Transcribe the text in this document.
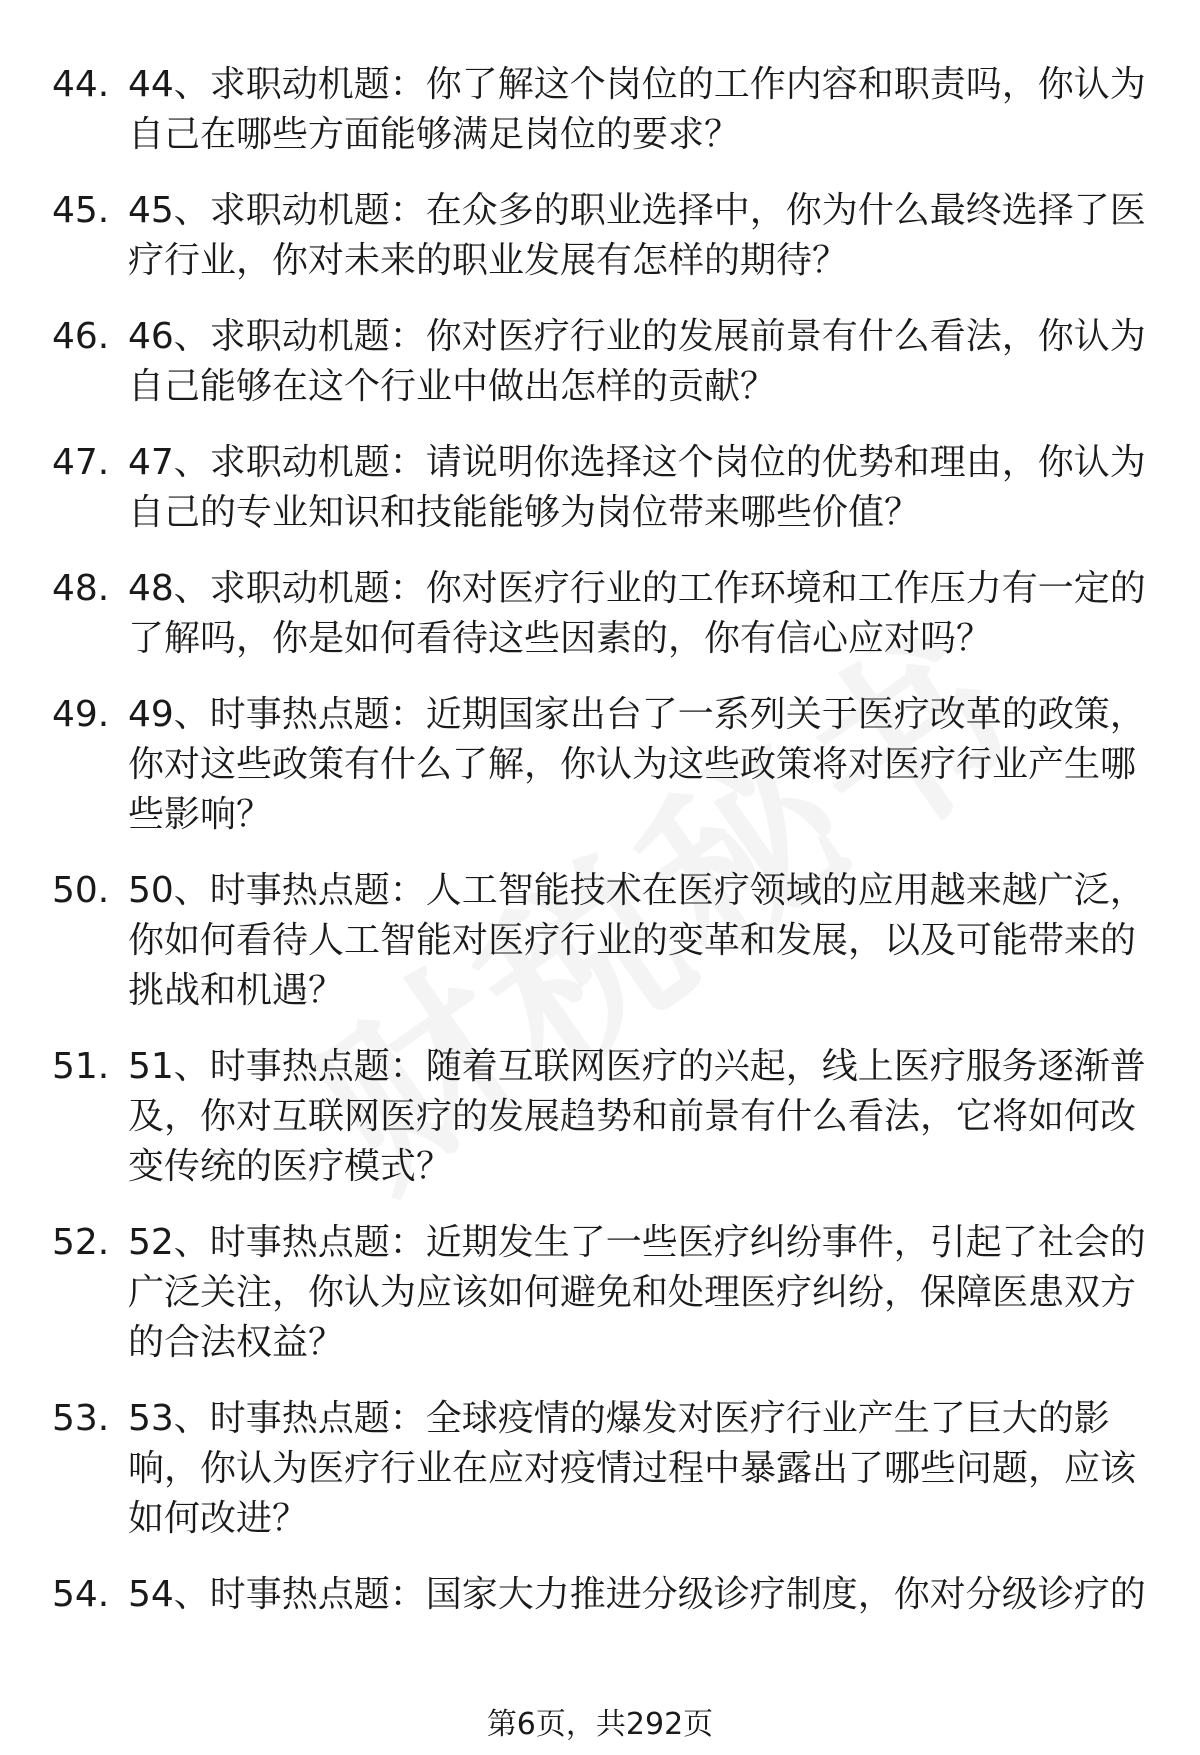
44. 44、求职动机题：你了解这个岗位的工作内容和职责吗，你认为自己在哪些方面能够满足岗位的要求？
45. 45、求职动机题：在众多的职业选择中，你为什么最终选择了医疗行业，你对未来的职业发展有怎样的期待？
46. 46、求职动机题：你对医疗行业的发展前景有什么看法，你认为自己能够在这个行业中做出怎样的贡献？
47. 47、求职动机题：请说明你选择这个岗位的优势和理由，你认为自己的专业知识和技能能够为岗位带来哪些价值？
48. 48、求职动机题：你对医疗行业的工作环境和工作压力有一定的了解吗，你是如何看待这些因素的，你有信心应对吗？
49. 49、时事热点题：近期国家出台了一系列关于医疗改革的政策，你对这些政策有什么了解，你认为这些政策将对医疗行业产生哪些影响？
50. 50、时事热点题：人工智能技术在医疗领域的应用越来越广泛，你如何看待人工智能对医疗行业的变革和发展，以及可能带来的挑战和机遇？
51. 51、时事热点题：随着互联网医疗的兴起，线上医疗服务逐渐普及，你对互联网医疗的发展趋势和前景有什么看法，它将如何改变传统的医疗模式？
52. 52、时事热点题：近期发生了一些医疗纠纷事件，引起了社会的广泛关注，你认为应该如何避免和处理医疗纠纷，保障医患双方的合法权益？
53. 53、时事热点题：全球疫情的爆发对医疗行业产生了巨大的影响，你认为医疗行业在应对疫情过程中暴露出了哪些问题，应该如何改进？
54. 54、时事热点题：国家大力推进分级诊疗制度，你对分级诊疗的
第6页，共292页
